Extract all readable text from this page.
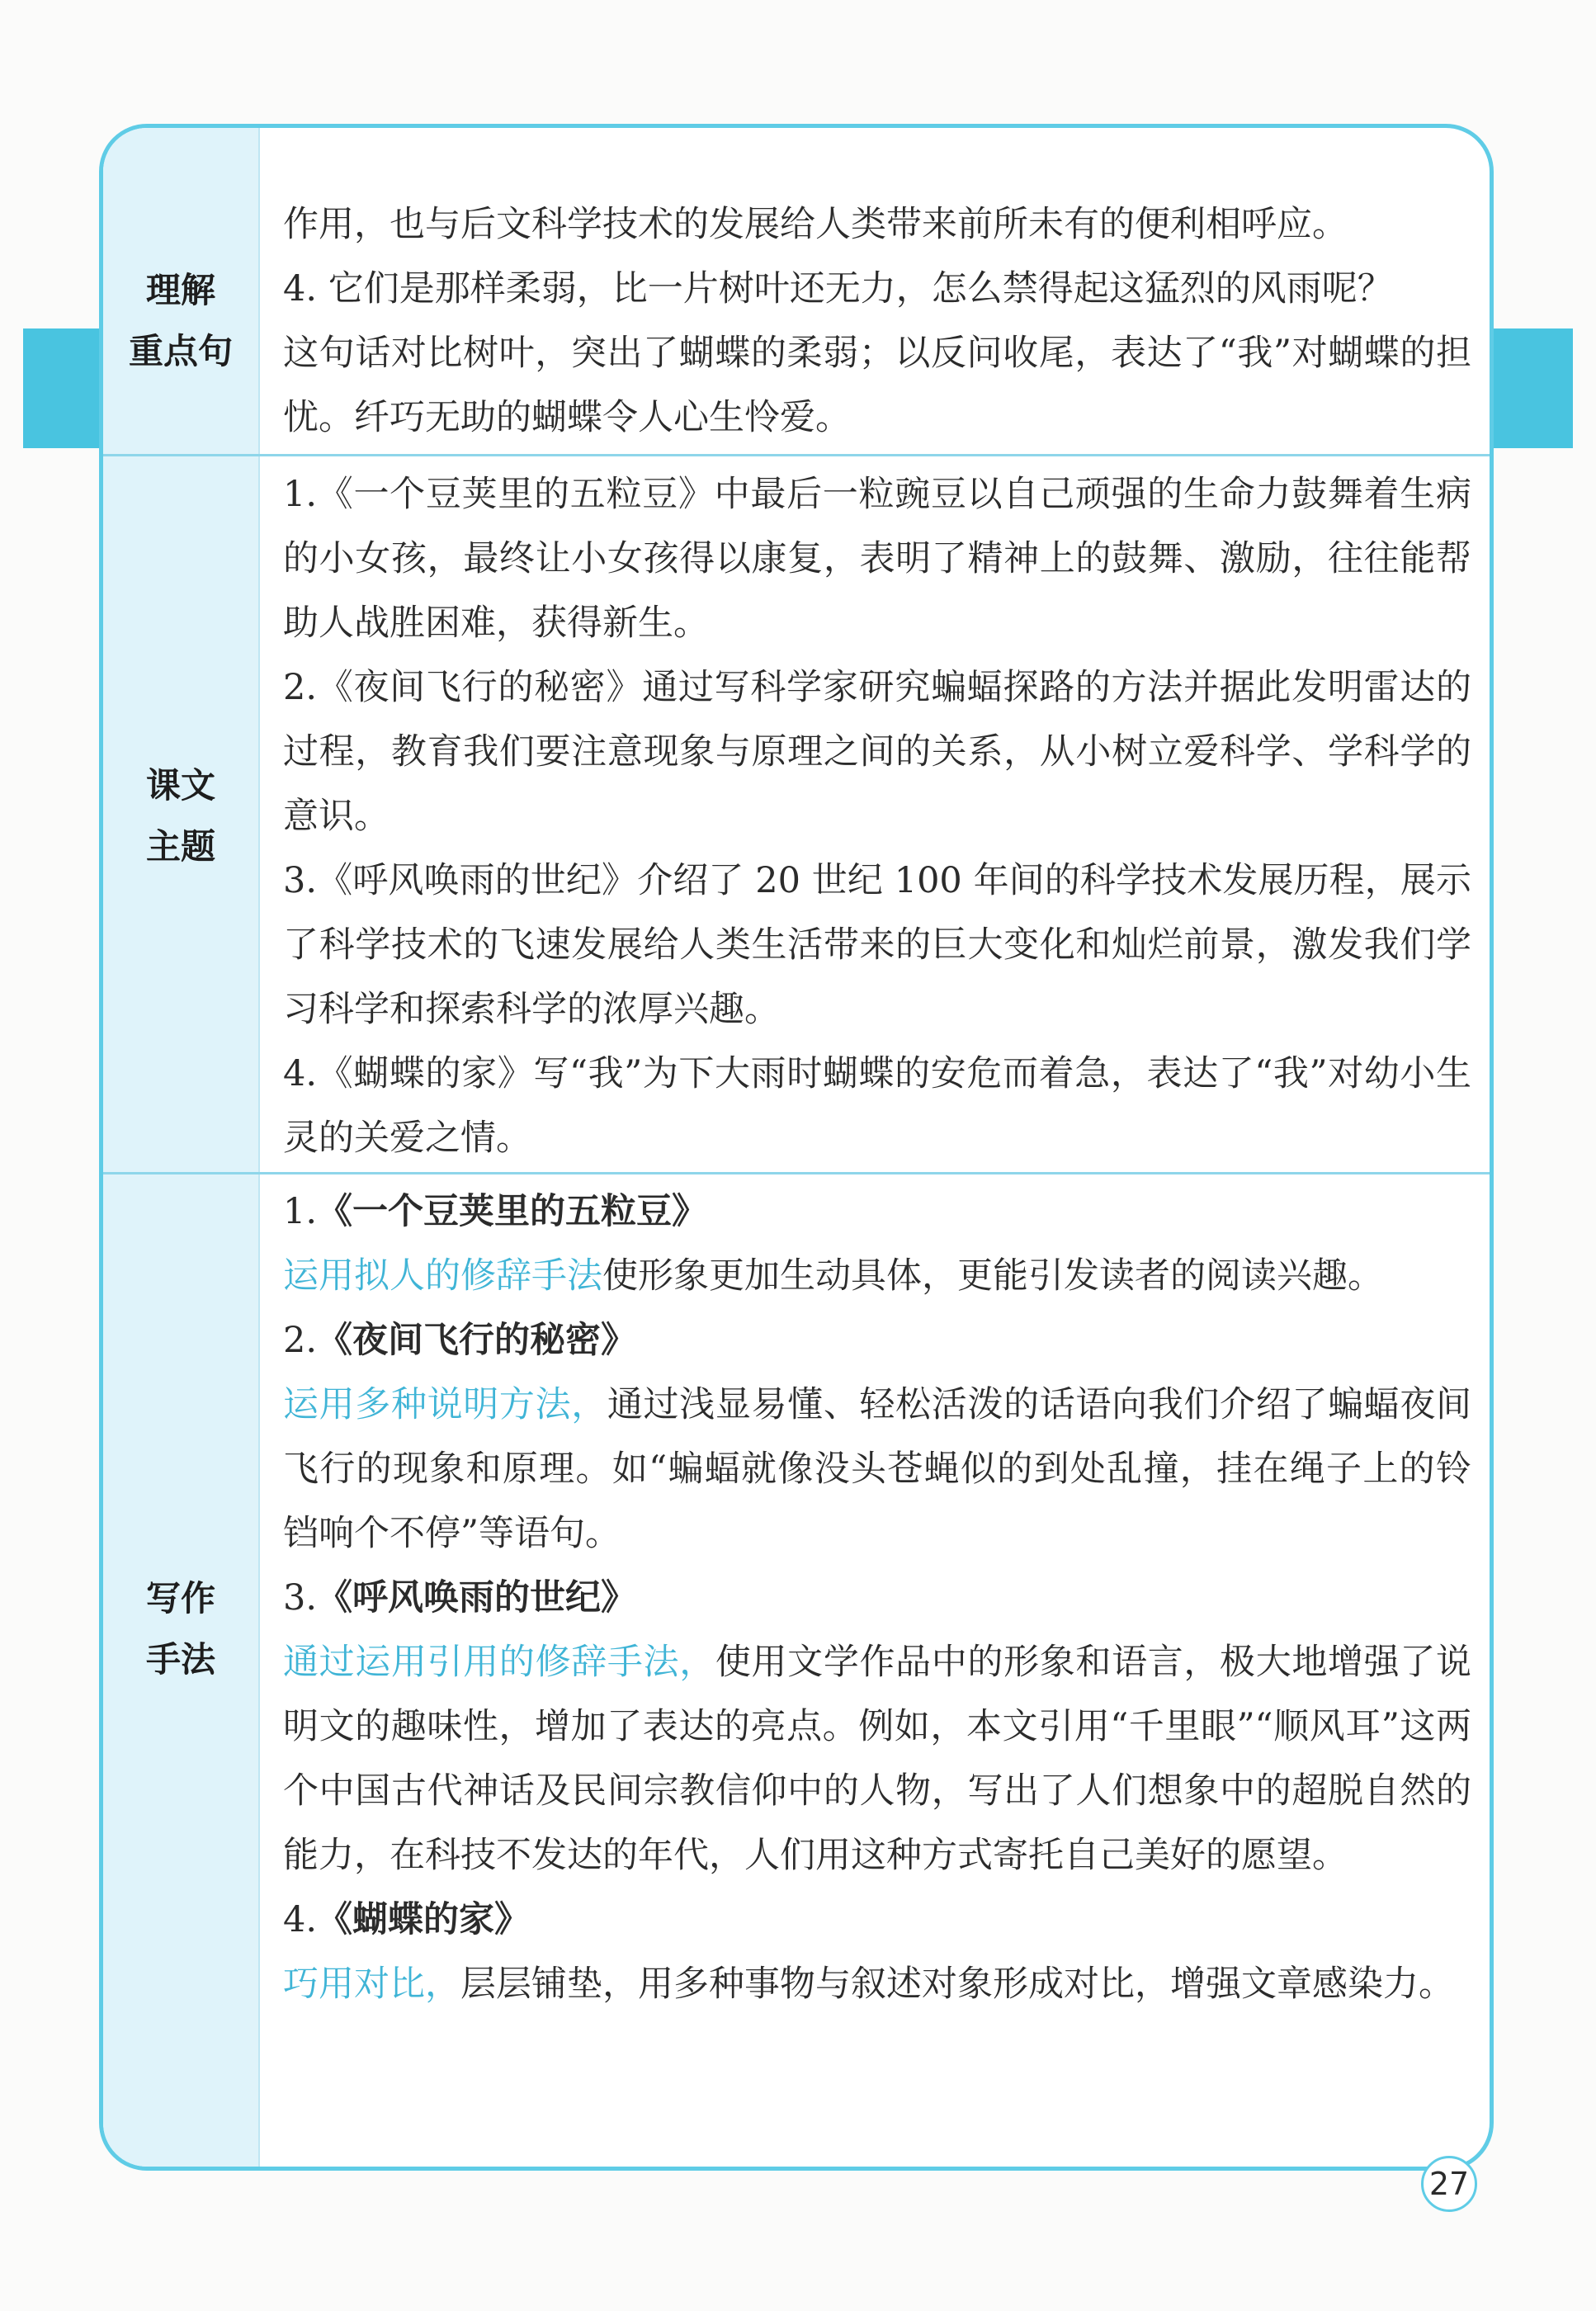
理解
重点句

作用，也与后文科学技术的发展给人类带来前所未有的便利相呼应。

4. 它们是那样柔弱，比一片树叶还无力，怎么禁得起这猛烈的风雨呢？

这句话对比树叶，突出了蝴蝶的柔弱；以反问收尾，表达了“我”对蝴蝶的担忧。纤巧无助的蝴蝶令人心生怜爱。

课文
主题

1.《一个豆荚里的五粒豆》中最后一粒豌豆以自己顽强的生命力鼓舞着生病的小女孩，最终让小女孩得以康复，表明了精神上的鼓舞、激励，往往能帮助人战胜困难，获得新生。

2.《夜间飞行的秘密》通过写科学家研究蝙蝠探路的方法并据此发明雷达的过程，教育我们要注意现象与原理之间的关系，从小树立爱科学、学科学的意识。

3.《呼风唤雨的世纪》介绍了 20 世纪 100 年间的科学技术发展历程，展示了科学技术的飞速发展给人类生活带来的巨大变化和灿烂前景，激发我们学习科学和探索科学的浓厚兴趣。

4.《蝴蝶的家》写“我”为下大雨时蝴蝶的安危而着急，表达了“我”对幼小生灵的关爱之情。

写作
手法

1.《一个豆荚里的五粒豆》

运用拟人的修辞手法使形象更加生动具体，更能引发读者的阅读兴趣。

2.《夜间飞行的秘密》

运用多种说明方法，通过浅显易懂、轻松活泼的话语向我们介绍了蝙蝠夜间飞行的现象和原理。如“蝙蝠就像没头苍蝇似的到处乱撞，挂在绳子上的铃铛响个不停”等语句。

3.《呼风唤雨的世纪》

通过运用引用的修辞手法，使用文学作品中的形象和语言，极大地增强了说明文的趣味性，增加了表达的亮点。例如，本文引用“千里眼”“顺风耳”这两个中国古代神话及民间宗教信仰中的人物，写出了人们想象中的超脱自然的能力，在科技不发达的年代，人们用这种方式寄托自己美好的愿望。

4.《蝴蝶的家》

巧用对比，层层铺垫，用多种事物与叙述对象形成对比，增强文章感染力。

27
